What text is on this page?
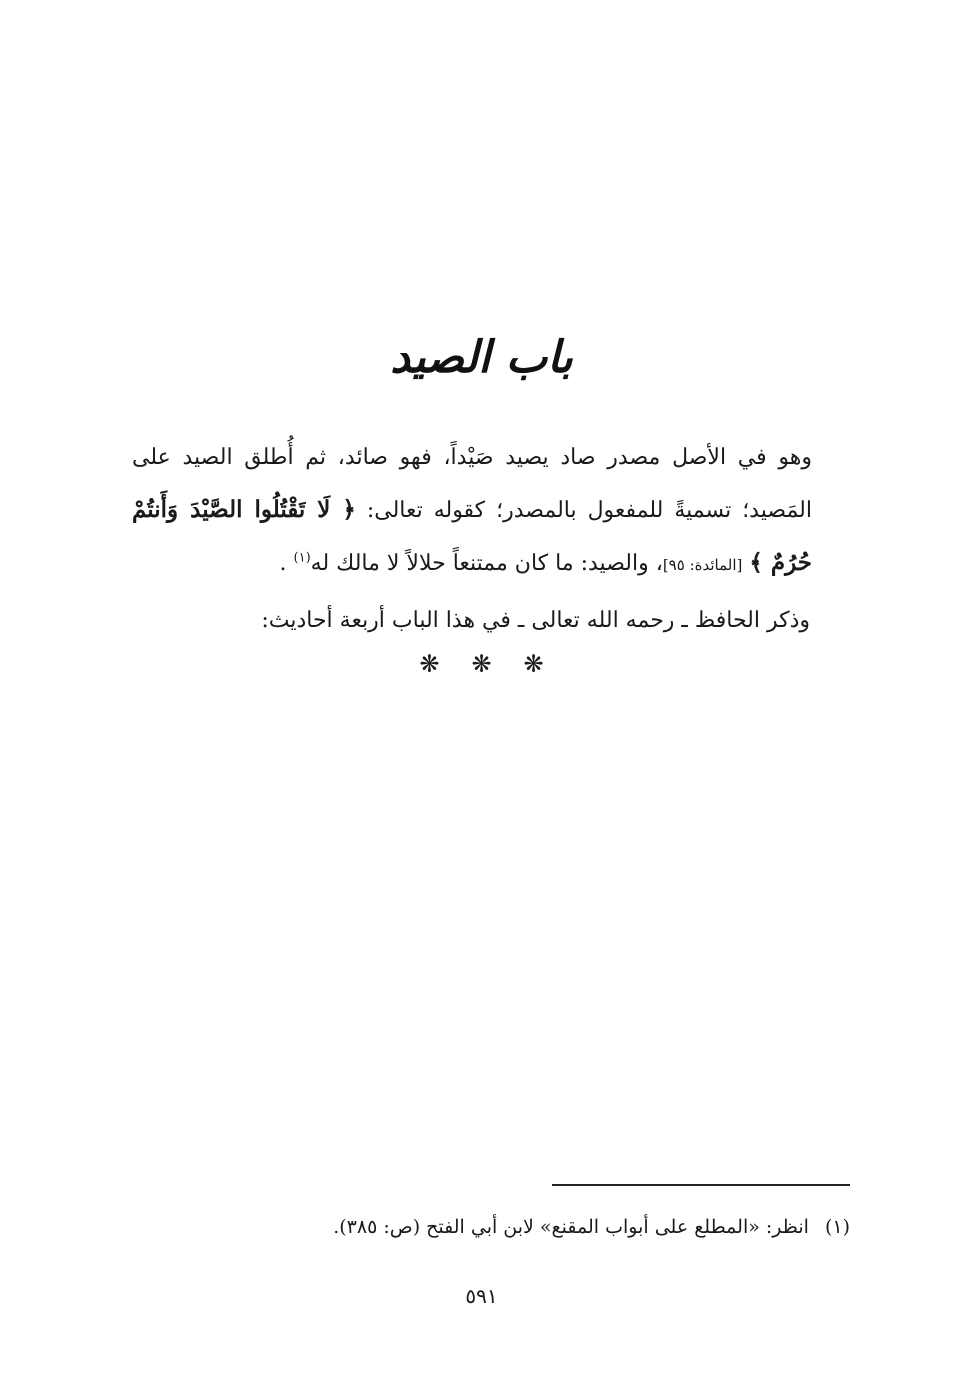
باب الصيد

وهو في الأصل مصدر صاد يصيد صَيْداً، فهو صائد، ثم أُطلق الصيد على المَصيد؛ تسميةً للمفعول بالمصدر؛ كقوله تعالى: ﴿ لَا تَقْتُلُوا الصَّيْدَ وَأَنتُمْ حُرُمٌ ﴾ [المائدة: ٩٥]، والصيد: ما كان ممتنعاً حلالاً لا مالك له$^{(١)}$ .

وذكر الحافظ ـ رحمه الله تعالى ـ في هذا الباب أربعة أحاديث:

❋❋❋
(١)انظر: «المطلع على أبواب المقنع» لابن أبي الفتح (ص: ٣٨٥).
٥٩١
